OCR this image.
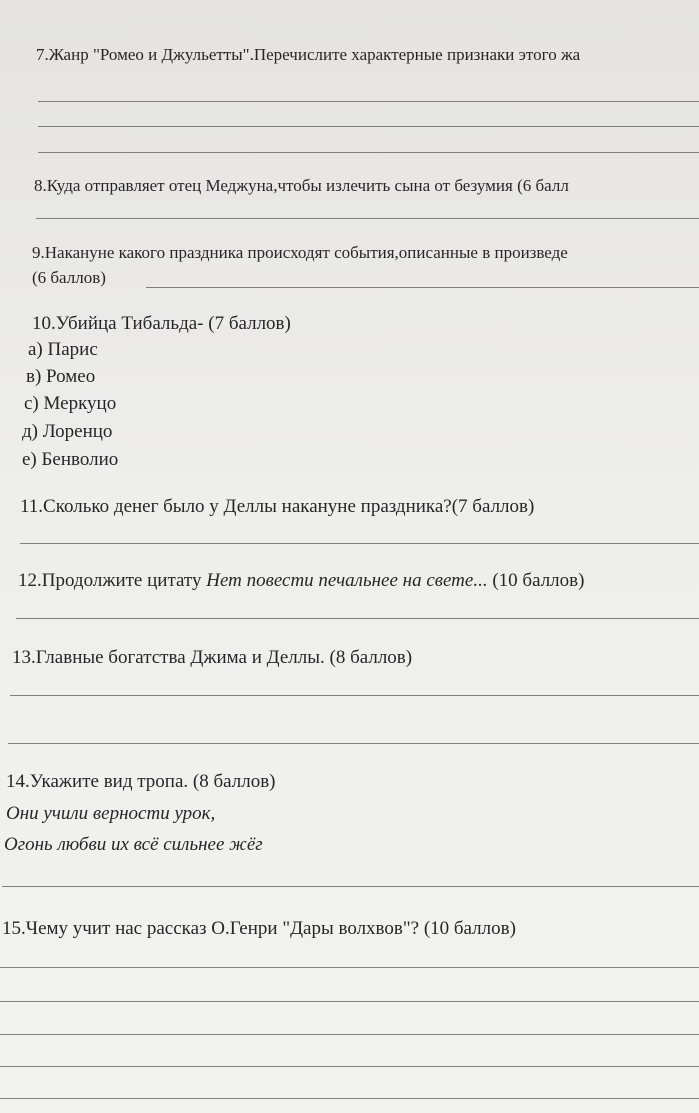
7.Жанр "Ромео и Джульетты".Перечислите характерные признаки этого жа
8.Куда отправляет отец Меджуна,чтобы излечить сына от безумия (6 балл
9.Накануне какого праздника происходят события,описанные в произведе
(6 баллов)
10.Убийца Тибальда- (7 баллов)
а) Парис
в) Ромео
с) Меркуцо
д) Лоренцо
е) Бенволио
11.Сколько денег было у Деллы накануне праздника?(7 баллов)
12.Продолжите цитату Нет повести печальнее на свете... (10 баллов)
13.Главные богатства Джима и Деллы. (8 баллов)
14.Укажите вид тропа. (8 баллов)
Они учили верности урок,
Огонь любви их всё сильнее жёг
15.Чему учит нас рассказ О.Генри "Дары волхвов"? (10 баллов)
